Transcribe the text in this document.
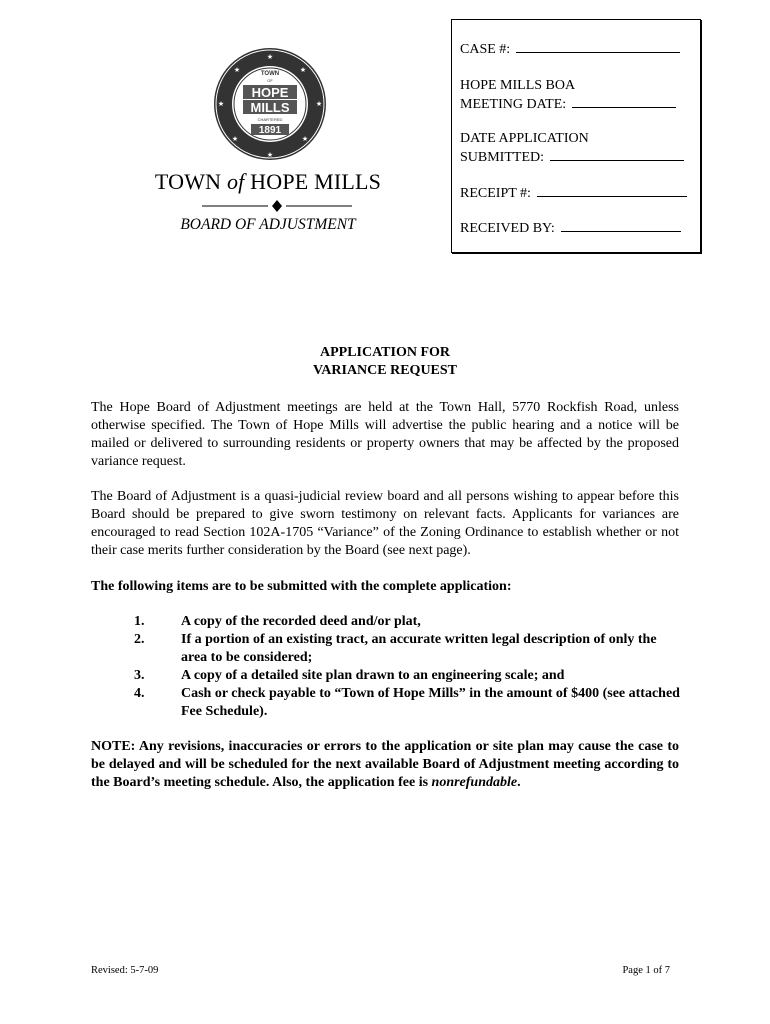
★
★
★
★
★
★
★
★	TOWN
OF
HOPE
MILLS
CHARTERED
1891
TOWN of HOPE MILLS
BOARD OF ADJUSTMENT
CASE #:
HOPE MILLS BOA
MEETING DATE:
DATE APPLICATION
SUBMITTED:
RECEIPT #:
RECEIVED BY:
APPLICATION FOR
VARIANCE REQUEST
The Hope Board of Adjustment meetings are held at the Town Hall, 5770 Rockfish Road, unless otherwise specified. The Town of Hope Mills will advertise the public hearing and a notice will be mailed or delivered to surrounding residents or property owners that may be affected by the proposed variance request.
The Board of Adjustment is a quasi-judicial review board and all persons wishing to appear before this Board should be prepared to give sworn testimony on relevant facts. Applicants for variances are encouraged to read Section 102A-1705 “Variance” of the Zoning Ordinance to establish whether or not their case merits further consideration by the Board (see next page).
The following items are to be submitted with the complete application:
1.	A copy of the recorded deed and/or plat,
2.	If a portion of an existing tract, an accurate written legal description of only the area to be considered;
3.	A copy of a detailed site plan drawn to an engineering scale; and
4.	Cash or check payable to “Town of Hope Mills” in the amount of $400 (see attached Fee Schedule).
NOTE: Any revisions, inaccuracies or errors to the application or site plan may cause the case to be delayed and will be scheduled for the next available Board of Adjustment meeting according to the Board’s meeting schedule. Also, the application fee is nonrefundable.
Revised: 5-7-09	Page 1 of 7
